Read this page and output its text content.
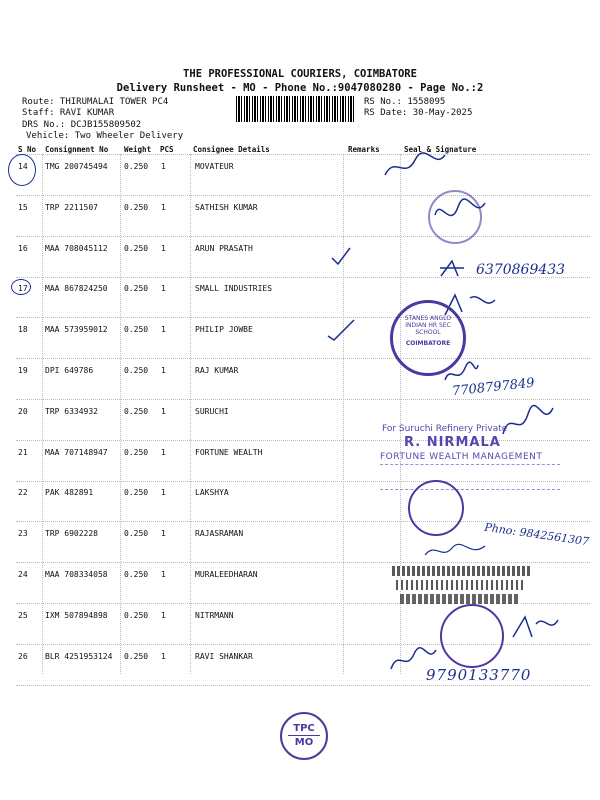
THE PROFESSIONAL COURIERS, COIMBATORE
Delivery Runsheet - MO - Phone No.:9047080280 - Page No.:2
Route: THIRUMALAI TOWER PC4
Staff: RAVI KUMAR
DRS No.: DCJB155809502
Vehicle: Two Wheeler Delivery
RS No.: 1558095
RS Date: 30-May-2025
S No Consignment No Weight PCS	Consignee Details	Remarks	Seal & Signature
14 TMG 200745494 0.250 1	MOVATEUR
15 TRP 2211507	0.250 1	SATHISH KUMAR
16 MAA 708045112 0.250 1	ARUN PRASATH
17 MAA 867824250 0.250 1	SMALL INDUSTRIES
18 MAA 573959012 0.250 1	PHILIP JOWBE
19 DPI 649786	0.250 1	RAJ KUMAR
20 TRP 6334932	0.250 1	SURUCHI
21 MAA 707148947 0.250 1	FORTUNE WEALTH
22 PAK 482891	0.250 1	LAKSHYA
23 TRP 6902228	0.250 1	RAJASRAMAN
24 MAA 708334058 0.250 1	MURALEEDHARAN
25 IXM 507894898 0.250 1	NITRMANN
26 BLR 4251953124 0.250 1	RAVI SHANKAR
6370869433
STANES ANGLO INDIAN HR SEC SCHOOL
COIMBATORE
7708797849
For Suruchi Refinery Private
R. NIRMALA
FORTUNE WEALTH MANAGEMENT
Phno: 9842561307
9790133770
TPC
MO
